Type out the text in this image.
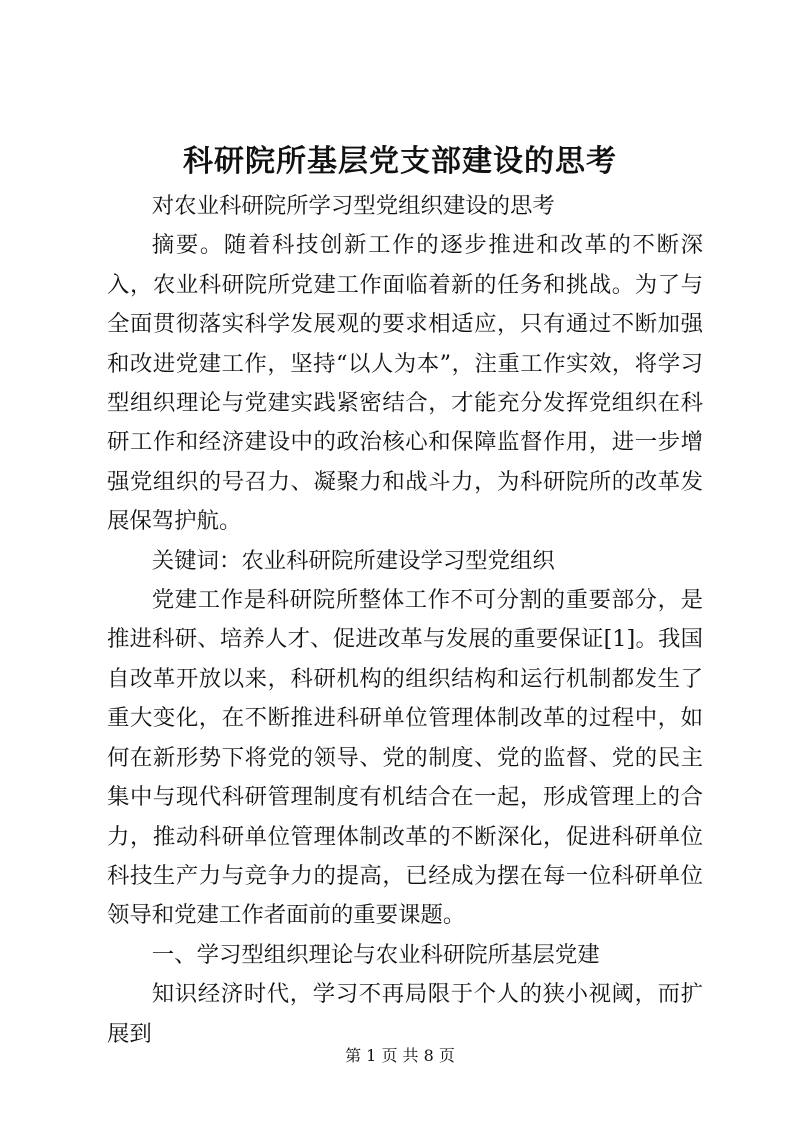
科研院所基层党支部建设的思考

对农业科研院所学习型党组织建设的思考

摘要。随着科技创新工作的逐步推进和改革的不断深入，农业科研院所党建工作面临着新的任务和挑战。为了与全面贯彻落实科学发展观的要求相适应，只有通过不断加强和改进党建工作，坚持“以人为本”，注重工作实效，将学习型组织理论与党建实践紧密结合，才能充分发挥党组织在科研工作和经济建设中的政治核心和保障监督作用，进一步增强党组织的号召力、凝聚力和战斗力，为科研院所的改革发展保驾护航。

关键词：农业科研院所建设学习型党组织

党建工作是科研院所整体工作不可分割的重要部分，是推进科研、培养人才、促进改革与发展的重要保证[1]。我国自改革开放以来，科研机构的组织结构和运行机制都发生了重大变化，在不断推进科研单位管理体制改革的过程中，如何在新形势下将党的领导、党的制度、党的监督、党的民主集中与现代科研管理制度有机结合在一起，形成管理上的合力，推动科研单位管理体制改革的不断深化，促进科研单位科技生产力与竞争力的提高，已经成为摆在每一位科研单位领导和党建工作者面前的重要课题。

一、学习型组织理论与农业科研院所基层党建

知识经济时代，学习不再局限于个人的狭小视阈，而扩展到

第 1 页 共 8 页
